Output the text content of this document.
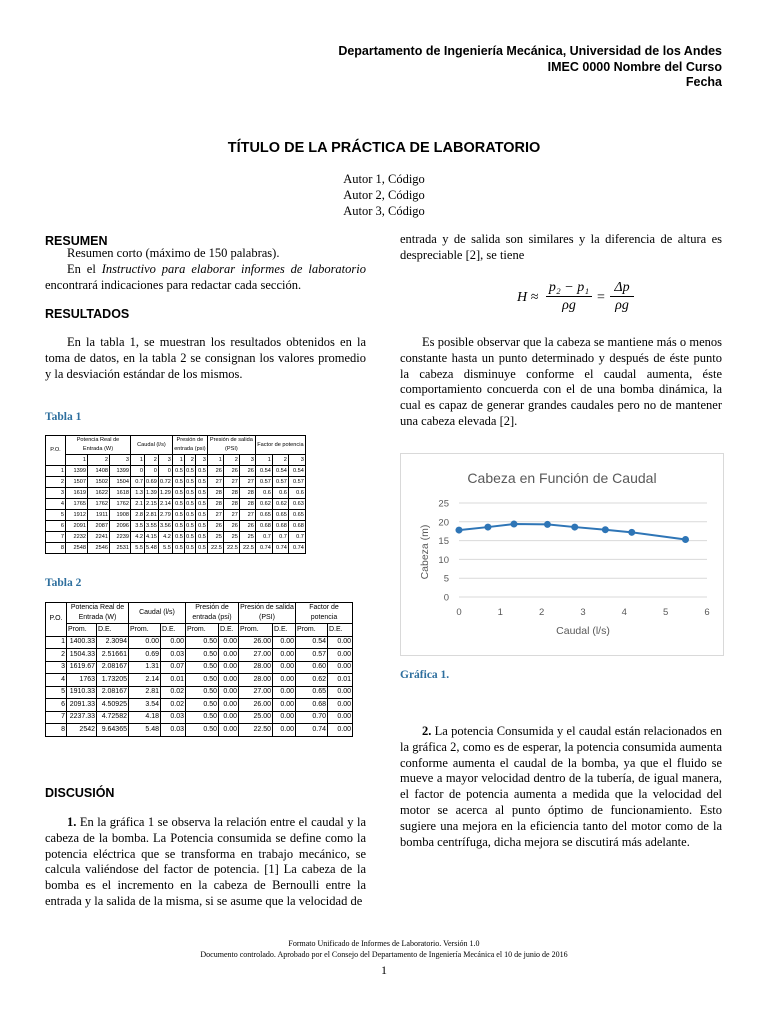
Departamento de Ingeniería Mecánica, Universidad de los Andes
IMEC 0000 Nombre del Curso
Fecha
TÍTULO DE LA PRÁCTICA DE LABORATORIO
Autor 1, Código
Autor 2, Código
Autor 3, Código
RESUMEN
Resumen corto (máximo de 150 palabras).
En el Instructivo para elaborar informes de laboratorio encontrará indicaciones para redactar cada sección.
RESULTADOS
En la tabla 1, se muestran los resultados obtenidos en la toma de datos, en la tabla 2 se consignan los valores promedio y la desviación estándar de los mismos.
Tabla 1
P.O.	Potencia Real de Entrada (W)			Caudal (l/s)			Presión de entrada (psi)			Presión de salida (PSI)			Factor de potencia		
	1	2	3	1	2	3	1	2	3	1	2	3	1	2	3
1	1399	1408	1399	0	0	0	0.5	0.5	0.5	26	26	26	0.54	0.54	0.54
2	1507	1502	1504	0.7	0.69	0.72	0.5	0.5	0.5	27	27	27	0.57	0.57	0.57
3	1619	1622	1618	1.3	1.39	1.29	0.5	0.5	0.5	28	28	28	0.6	0.6	0.6
4	1765	1762	1762	2.1	2.15	2.14	0.5	0.5	0.5	28	28	28	0.62	0.62	0.63
5	1912	1911	1908	2.8	2.81	2.79	0.5	0.5	0.5	27	27	27	0.65	0.65	0.65
6	2091	2087	2096	3.5	3.55	3.56	0.5	0.5	0.5	26	26	26	0.68	0.68	0.68
7	2232	2241	2239	4.2	4.15	4.2	0.5	0.5	0.5	25	25	25	0.7	0.7	0.7
8	2548	2546	2531	5.5	5.48	5.5	0.5	0.5	0.5	22.5	22.5	22.5	0.74	0.74	0.74
Tabla 2
P.O.	Potencia Real de Entrada (W)		Caudal (l/s)		Presión de entrada (psi)		Presión de salida (PSI)		Factor de potencia	
	Prom.	D.E.	Prom.	D.E.	Prom.	D.E.	Prom.	D.E.	Prom.	D.E.
1	1400.33	2.3094	0.00	0.00	0.50	0.00	26.00	0.00	0.54	0.00
2	1504.33	2.51661	0.69	0.03	0.50	0.00	27.00	0.00	0.57	0.00
3	1619.67	2.08167	1.31	0.07	0.50	0.00	28.00	0.00	0.60	0.00
4	1763	1.73205	2.14	0.01	0.50	0.00	28.00	0.00	0.62	0.01
5	1910.33	2.08167	2.81	0.02	0.50	0.00	27.00	0.00	0.65	0.00
6	2091.33	4.50925	3.54	0.02	0.50	0.00	26.00	0.00	0.68	0.00
7	2237.33	4.72582	4.18	0.03	0.50	0.00	25.00	0.00	0.70	0.00
8	2542	9.64365	5.48	0.03	0.50	0.00	22.50	0.00	0.74	0.00
DISCUSIÓN
1. En la gráfica 1 se observa la relación entre el caudal y la cabeza de la bomba. La Potencia consumida se define como la potencia eléctrica que se transforma en trabajo mecánico, se calcula valiéndose del factor de potencia. [1] La cabeza de la bomba es el incremento en la cabeza de Bernoulli entre la entrada y la salida de la misma, si se asume que la velocidad de
entrada y de salida son similares y la diferencia de altura es despreciable [2], se tiene
H ≈
p₂ − p₁
ρg
=
Δp
ρg
Es posible observar que la cabeza se mantiene más o menos constante hasta un punto determinado y después de éste punto la cabeza disminuye conforme el caudal aumenta, éste comportamiento concuerda con el de una bomba dinámica, la cual es capaz de generar grandes caudales pero no de mantener una cabeza elevada [2].
Cabeza en Función de Caudal
Caudal (l/s)
Cabeza (m)
0
5
10
15
20
25
0	1	2	3	4	5	6
Gráfica 1.
2. La potencia Consumida y el caudal están relacionados en la gráfica 2, como es de esperar, la potencia consumida aumenta conforme aumenta el caudal de la bomba, ya que el fluido se mueve a mayor velocidad dentro de la tubería, de igual manera, el factor de potencia aumenta a medida que la velocidad del motor se acerca al punto óptimo de funcionamiento. Esto sugiere una mejora en la eficiencia tanto del motor como de la bomba centrífuga, dicha mejora se discutirá más adelante.
Formato Unificado de Informes de Laboratorio. Versión 1.0
Documento controlado. Aprobado por el Consejo del Departamento de Ingeniería Mecánica el 10 de junio de 2016
1
